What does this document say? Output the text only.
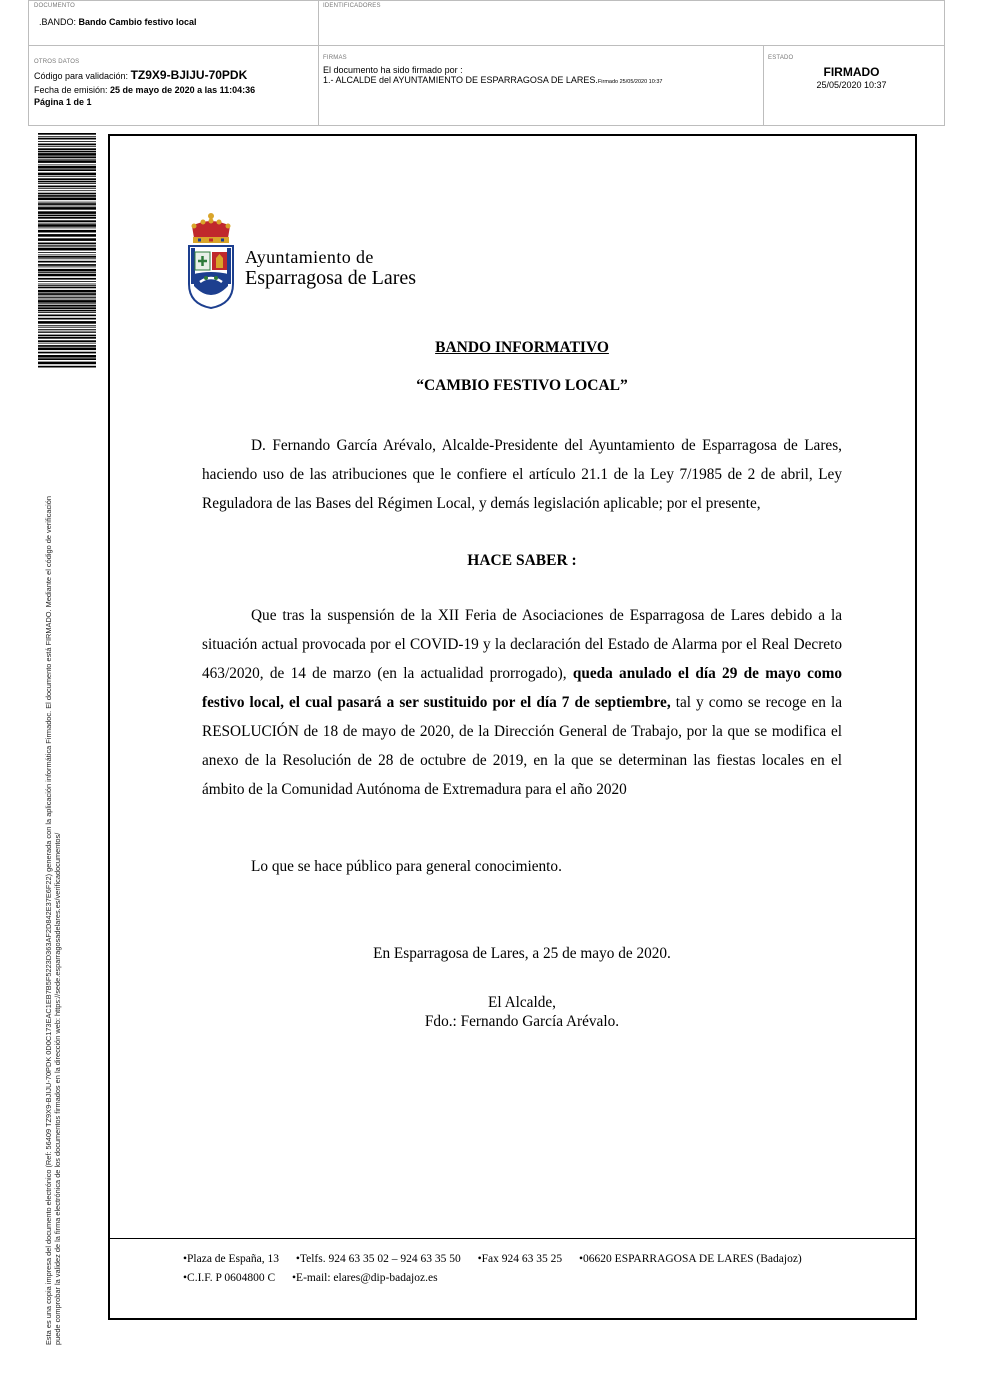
DOCUMENTO
.BANDO: Bando Cambio festivo local
IDENTIFICADORES
OTROS DATOS
Código para validación: TZ9X9-BJIJU-70PDK
Fecha de emisión: 25 de mayo de 2020 a las 11:04:36
Página 1 de 1
FIRMAS
El documento ha sido firmado por :
1.- ALCALDE del AYUNTAMIENTO DE ESPARRAGOSA DE LARES.Firmado 25/05/2020 10:37
ESTADO
FIRMADO
25/05/2020 10:37
Esta es una copia impresa del documento electrónico (Ref: 56409 TZ9X9-BJIJU-70PDK 0D0C173EAC1EB7B5F5223D363AF2D842E37E6F22) generada con la aplicación informática Firmadoc. El documento está FIRMADO. Mediante el código de verificación puede comprobar la validez de la firma electrónica de los documentos firmados en la dirección web: https://sede.esparragosadelares.es/verificadocumentos/
Ayuntamiento de
Esparragosa de Lares
BANDO INFORMATIVO
“CAMBIO FESTIVO LOCAL”
D. Fernando García Arévalo, Alcalde-Presidente del Ayuntamiento de Esparragosa de Lares, haciendo uso de las atribuciones que le confiere el artículo 21.1 de la Ley 7/1985 de 2 de abril, Ley Reguladora de las Bases del Régimen Local, y demás legislación aplicable; por el presente,
HACE SABER :
Que tras la suspensión de la XII Feria de Asociaciones de Esparragosa de Lares debido a la situación actual provocada por el COVID-19 y la declaración del Estado de Alarma por el Real Decreto 463/2020, de 14 de marzo (en la actualidad prorrogado), queda anulado el día 29 de mayo como festivo local, el cual pasará a ser sustituido por el día 7 de septiembre, tal y como se recoge en la RESOLUCIÓN de 18 de mayo de 2020, de la Dirección General de Trabajo, por la que se modifica el anexo de la Resolución de 28 de octubre de 2019, en la que se determinan las fiestas locales en el ámbito de la Comunidad Autónoma de Extremadura para el año 2020
Lo que se hace público para general conocimiento.
En Esparragosa de Lares, a 25 de mayo de 2020.
El Alcalde,
Fdo.: Fernando García Arévalo.
•Plaza de España, 13 •Telfs. 924 63 35 02 – 924 63 35 50 •Fax 924 63 35 25 •06620 ESPARRAGOSA DE LARES (Badajoz)
•C.I.F. P 0604800 C •E-mail: elares@dip-badajoz.es
